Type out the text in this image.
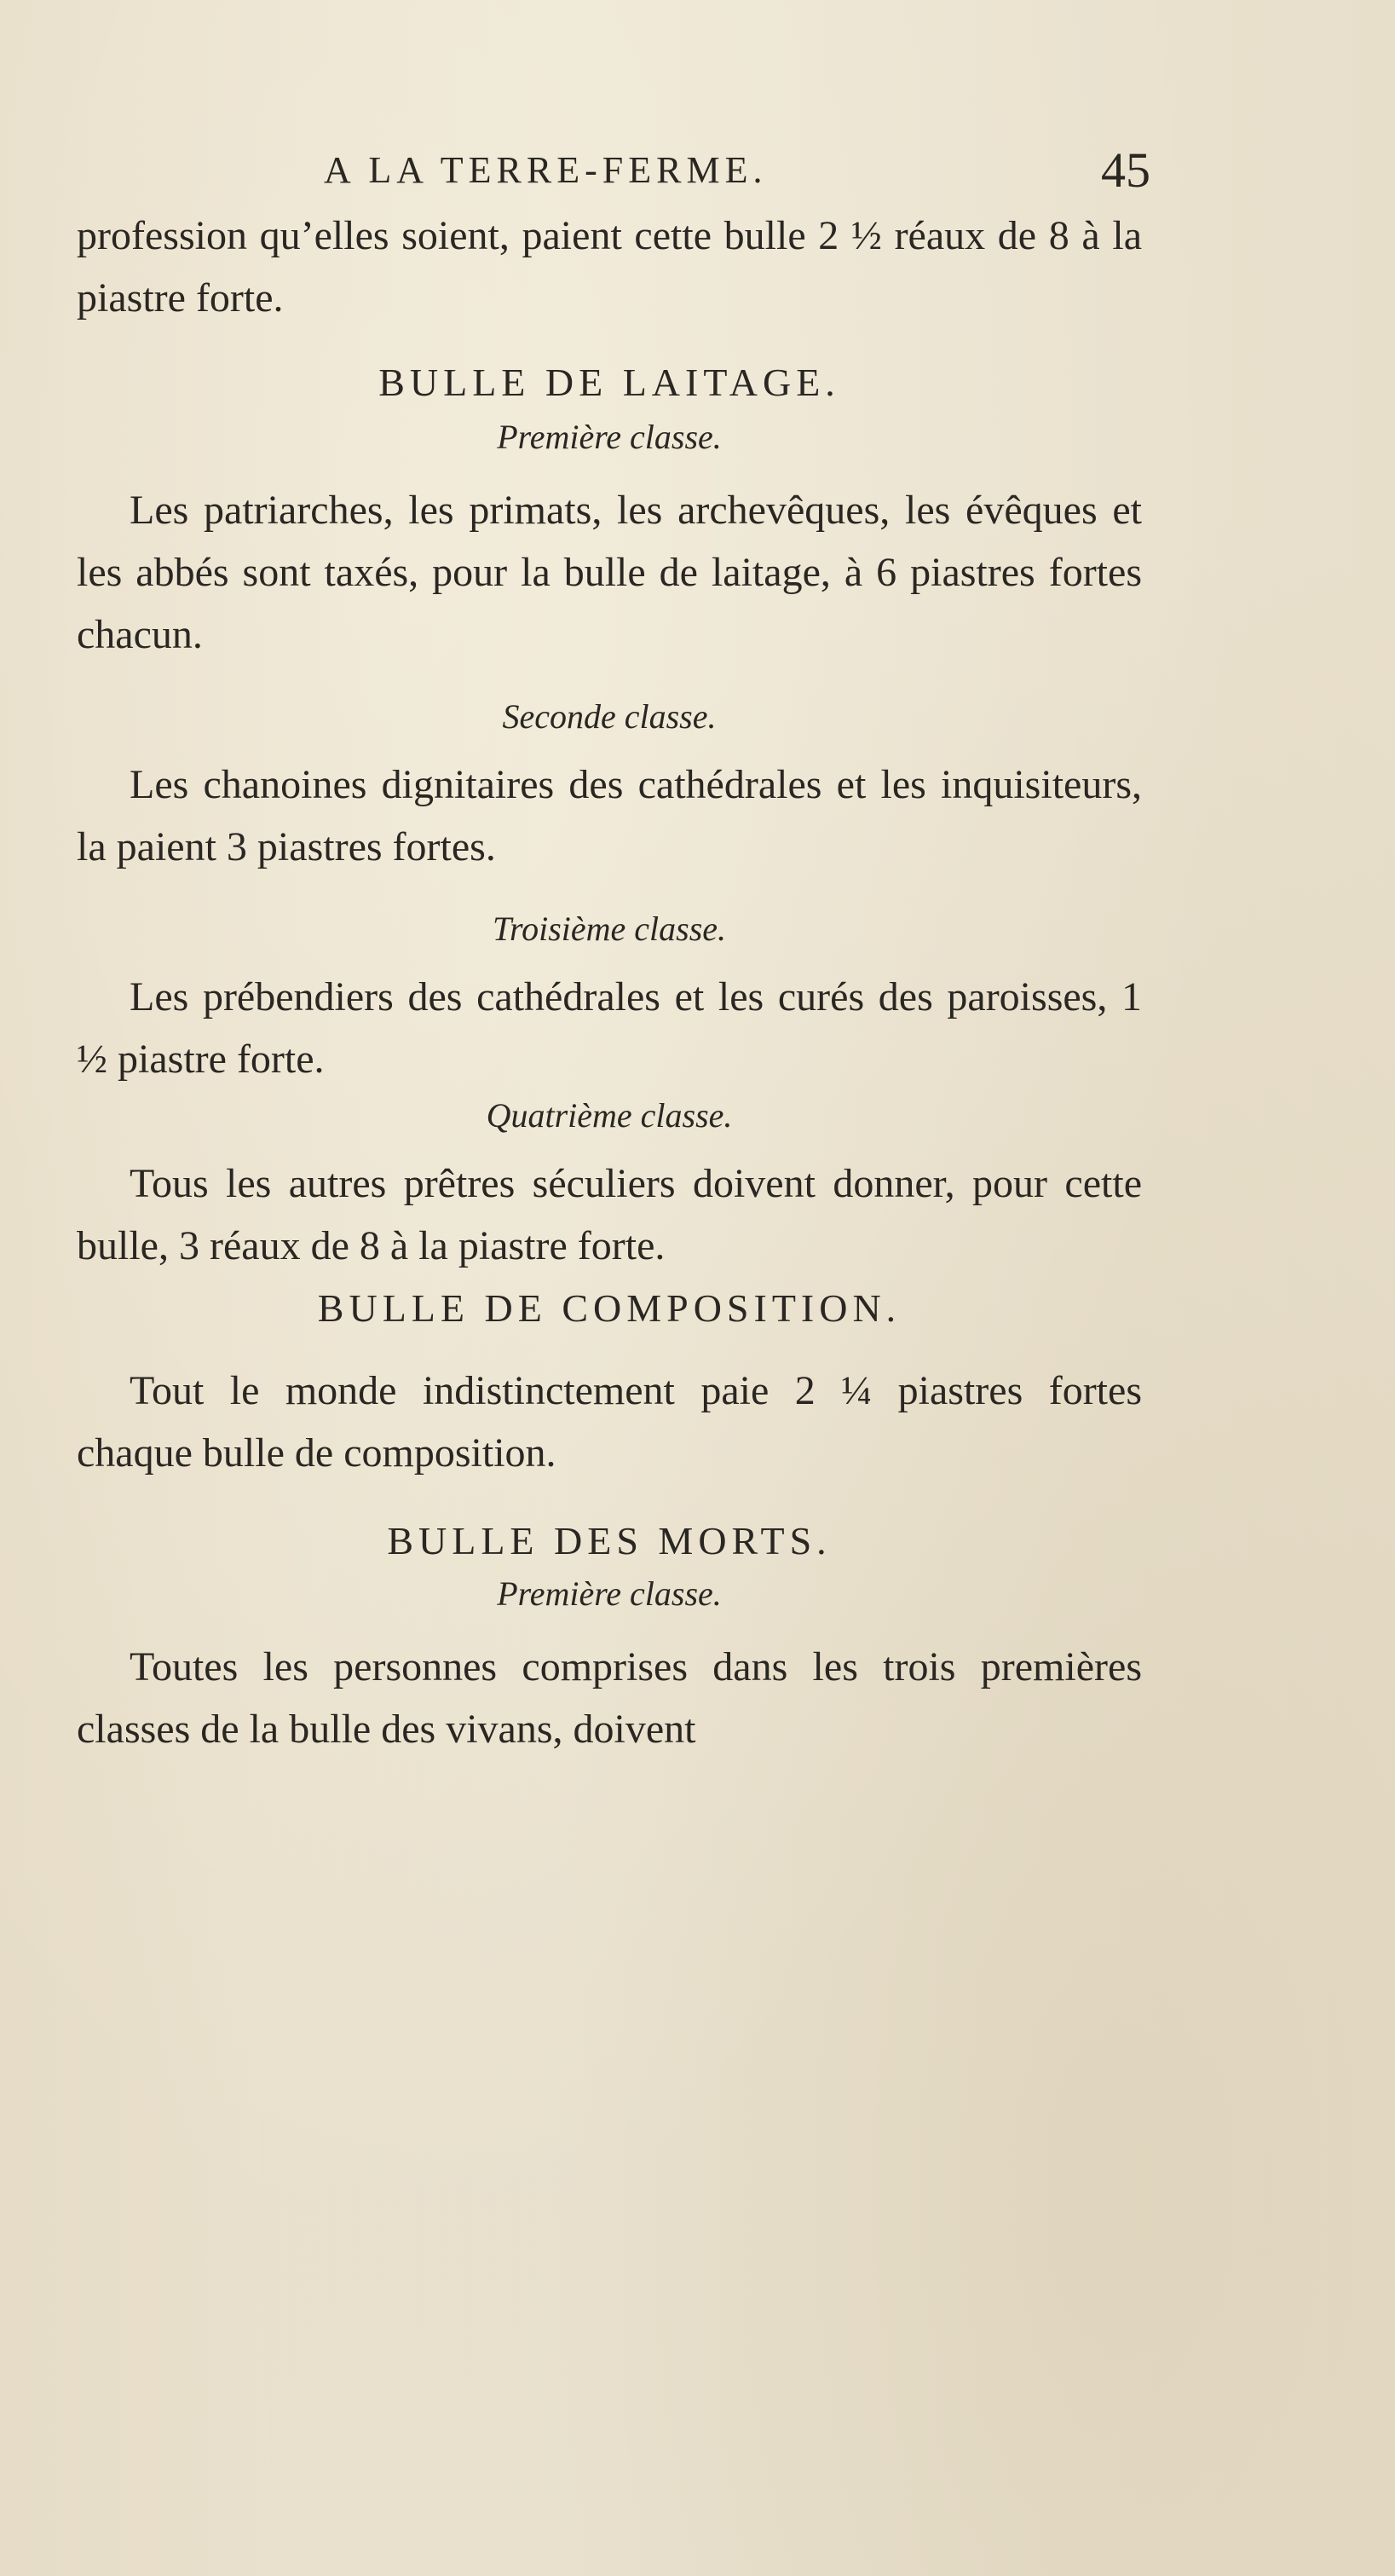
A LA TERRE-FERME.	45

profession qu’elles soient, paient cette bulle 2 ½ réaux de 8 à la piastre forte.

BULLE DE LAITAGE.
Première classe.

Les patriarches, les primats, les archevêques, les évêques et les abbés sont taxés, pour la bulle de laitage, à 6 piastres fortes chacun.

Seconde classe.

Les chanoines dignitaires des cathédrales et les inquisiteurs, la paient 3 piastres fortes.

Troisième classe.

Les prébendiers des cathédrales et les curés des paroisses, 1 ½ piastre forte.

Quatrième classe.

Tous les autres prêtres séculiers doivent donner, pour cette bulle, 3 réaux de 8 à la piastre forte.

BULLE DE COMPOSITION.

Tout le monde indistinctement paie 2 ¼ piastres fortes chaque bulle de composition.

BULLE DES MORTS.
Première classe.

Toutes les personnes comprises dans les trois premières classes de la bulle des vivans, doivent
